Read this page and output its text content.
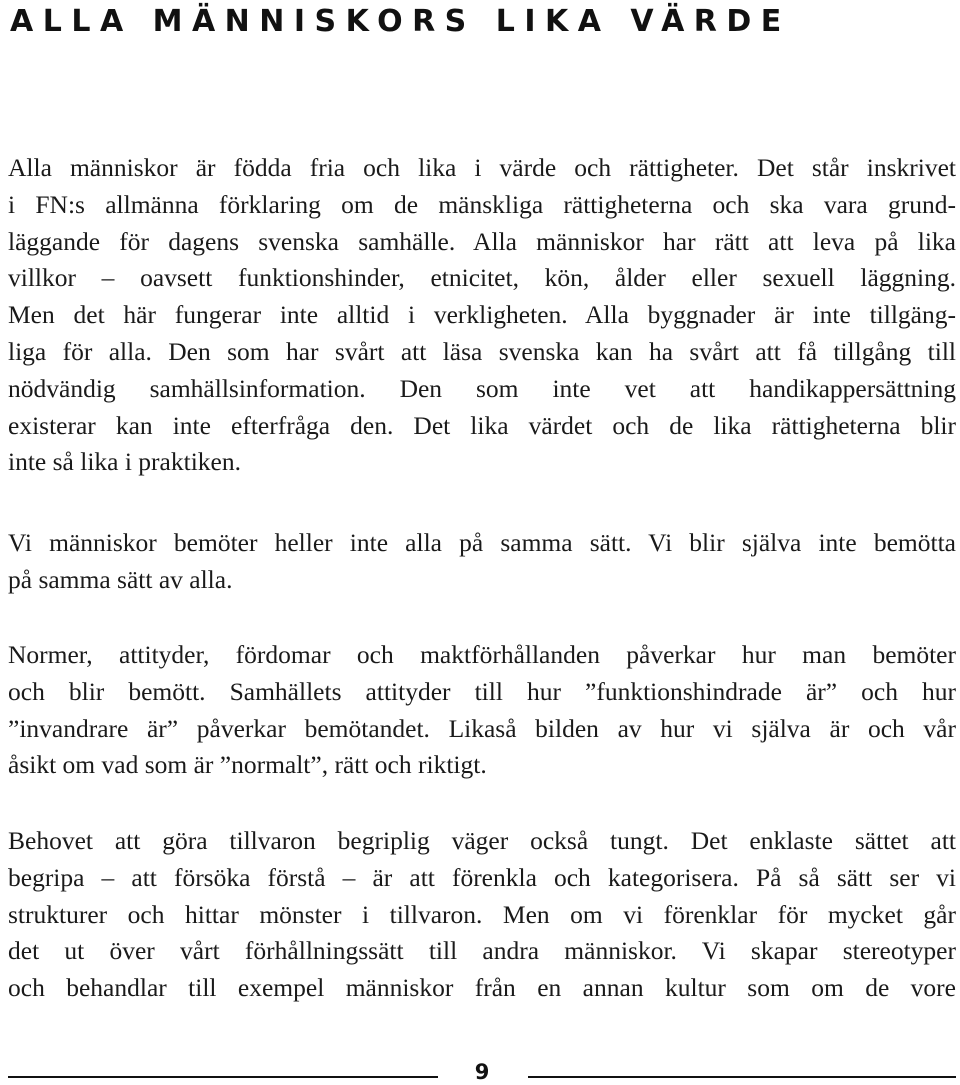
ALLA MÄNNISKORS LIKA VÄRDE
Alla människor är födda fria och lika i värde och rättigheter. Det står inskrivet
i FN:s allmänna förklaring om de mänskliga rättigheterna och ska vara grund-
läggande för dagens svenska samhälle. Alla människor har rätt att leva på lika
villkor – oavsett funktionshinder, etnicitet, kön, ålder eller sexuell läggning.
Men det här fungerar inte alltid i verkligheten. Alla byggnader är inte tillgäng-
liga för alla. Den som har svårt att läsa svenska kan ha svårt att få tillgång till
nödvändig samhällsinformation. Den som inte vet att handikappersättning
existerar kan inte efterfråga den. Det lika värdet och de lika rättigheterna blir
inte så lika i praktiken.
Vi människor bemöter heller inte alla på samma sätt. Vi blir själva inte bemötta
på samma sätt av alla.
Normer, attityder, fördomar och maktförhållanden påverkar hur man bemöter
och blir bemött. Samhällets attityder till hur ”funktionshindrade är” och hur
”invandrare är” påverkar bemötandet. Likaså bilden av hur vi själva är och vår
åsikt om vad som är ”normalt”, rätt och riktigt.
Behovet att göra tillvaron begriplig väger också tungt. Det enklaste sättet att
begripa – att försöka förstå – är att förenkla och kategorisera. På så sätt ser vi
strukturer och hittar mönster i tillvaron. Men om vi förenklar för mycket går
det ut över vårt förhållningssätt till andra människor. Vi skapar stereotyper
och behandlar till exempel människor från en annan kultur som om de vore
9
